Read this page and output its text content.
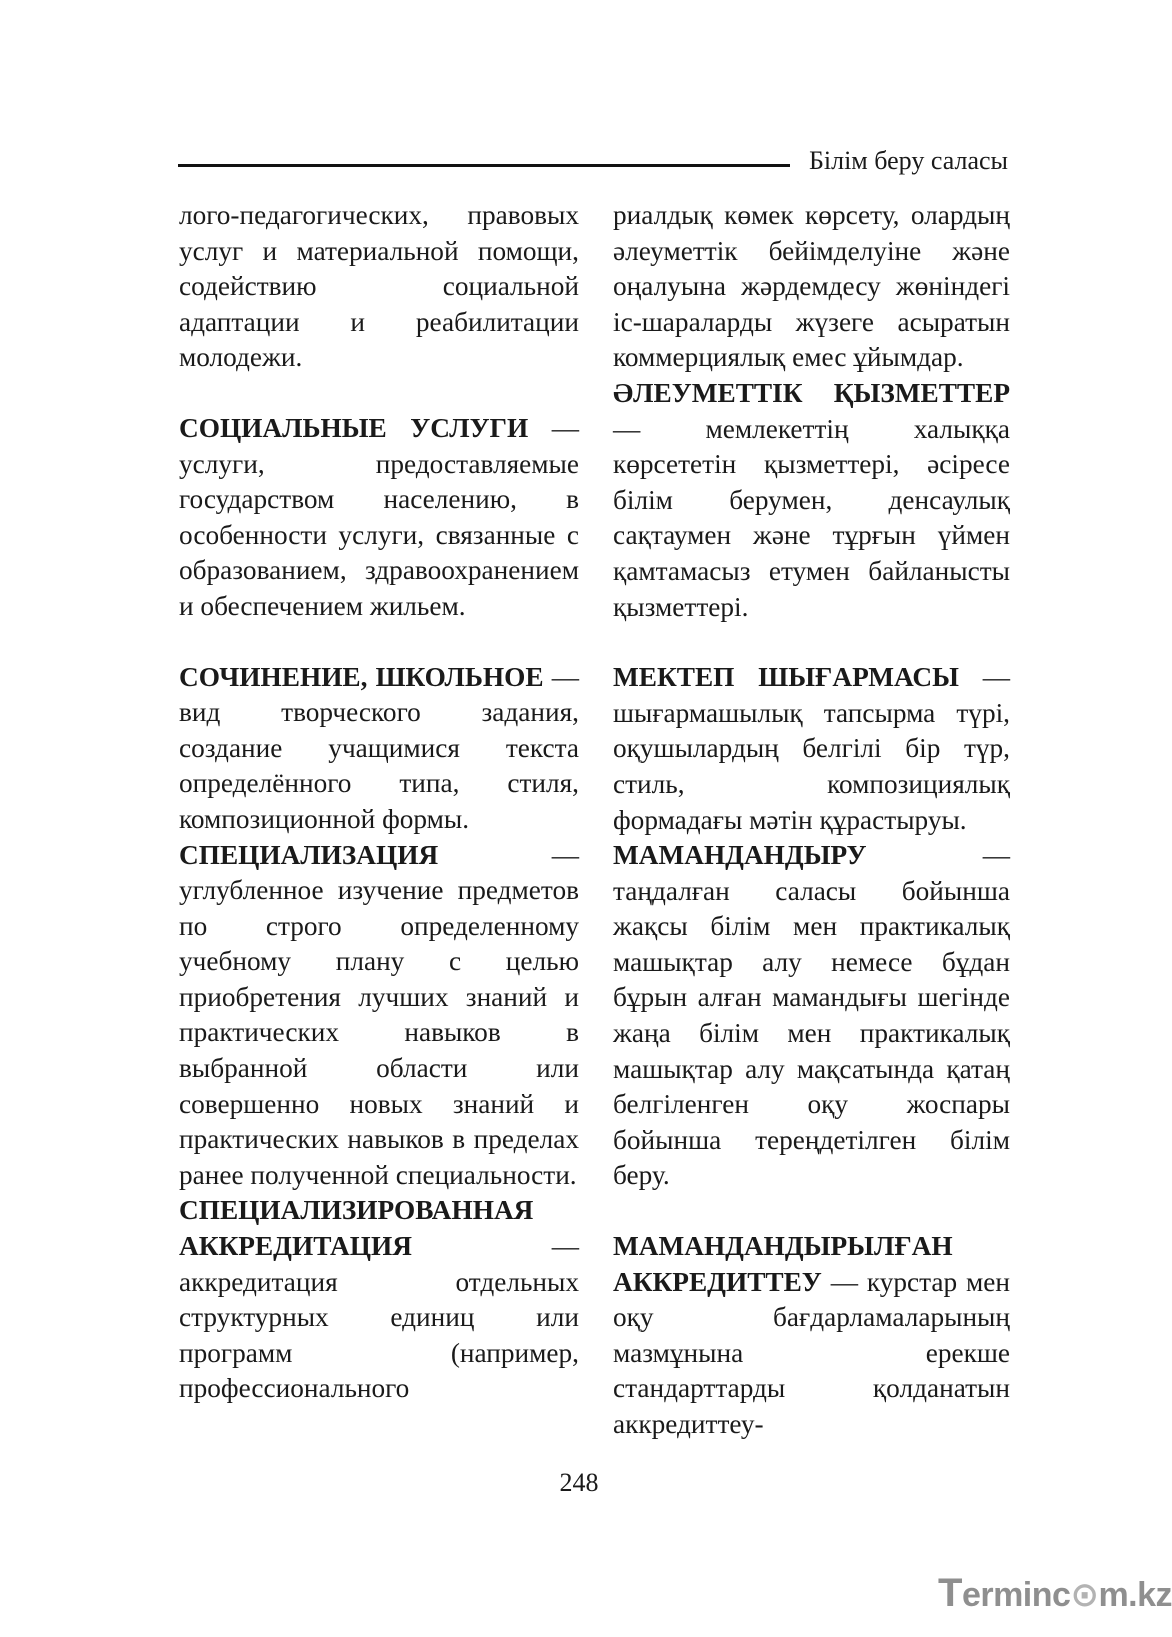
Білім беру саласы

лого-педагогических, правовых услуг и материальной помощи, содействию социальной адаптации и реабилитации молодежи.

СОЦИАЛЬНЫЕ УСЛУГИ — услуги, предоставляемые государством населению, в особенности услуги, связанные с образованием, здравоохранением и обеспечением жильем.

СОЧИНЕНИЕ, ШКОЛЬНОЕ — вид творческого задания, создание учащимися текста определённого типа, стиля, композиционной формы.

СПЕЦИАЛИЗАЦИЯ — углубленное изучение предметов по строго определенному учебному плану с целью приобретения лучших знаний и практических навыков в выбранной области или совершенно новых знаний и практических навыков в пределах ранее полученной специальности.

СПЕЦИАЛИЗИРОВАННАЯ АККРЕДИТАЦИЯ — аккредитация отдельных структурных единиц или программ (например, профессионального

риалдық көмек көрсету, олардың әлеуметтік бейімделуіне және оңалуына жәрдемдесу жөніндегі іс-шараларды жүзеге асыратын коммерциялық емес ұйымдар.

ӘЛЕУМЕТТІК ҚЫЗМЕТТЕР — мемлекеттің халыққа көрсететін қызметтері, әсіресе білім берумен, денсаулық сақтаумен және тұрғын үймен қамтамасыз етумен байланысты қызметтері.

МЕКТЕП ШЫҒАРМАСЫ — шығармашылық тапсырма түрі, оқушылардың белгілі бір түр, стиль, композициялық формадағы мәтін құрастыруы.

МАМАНДАНДЫРУ — таңдалған саласы бойынша жақсы білім мен практикалық машықтар алу немесе бұдан бұрын алған мамандығы шегінде жаңа білім мен практикалық машықтар алу мақсатында қатаң белгіленген оқу жоспары бойынша тереңдетілген білім беру.

МАМАНДАНДЫРЫЛҒАН АККРЕДИТТЕУ — курстар мен оқу бағдарламаларының мазмұнына ерекше стандарттарды қолданатын аккредиттеу-

248
Terminc⊙m.kz
